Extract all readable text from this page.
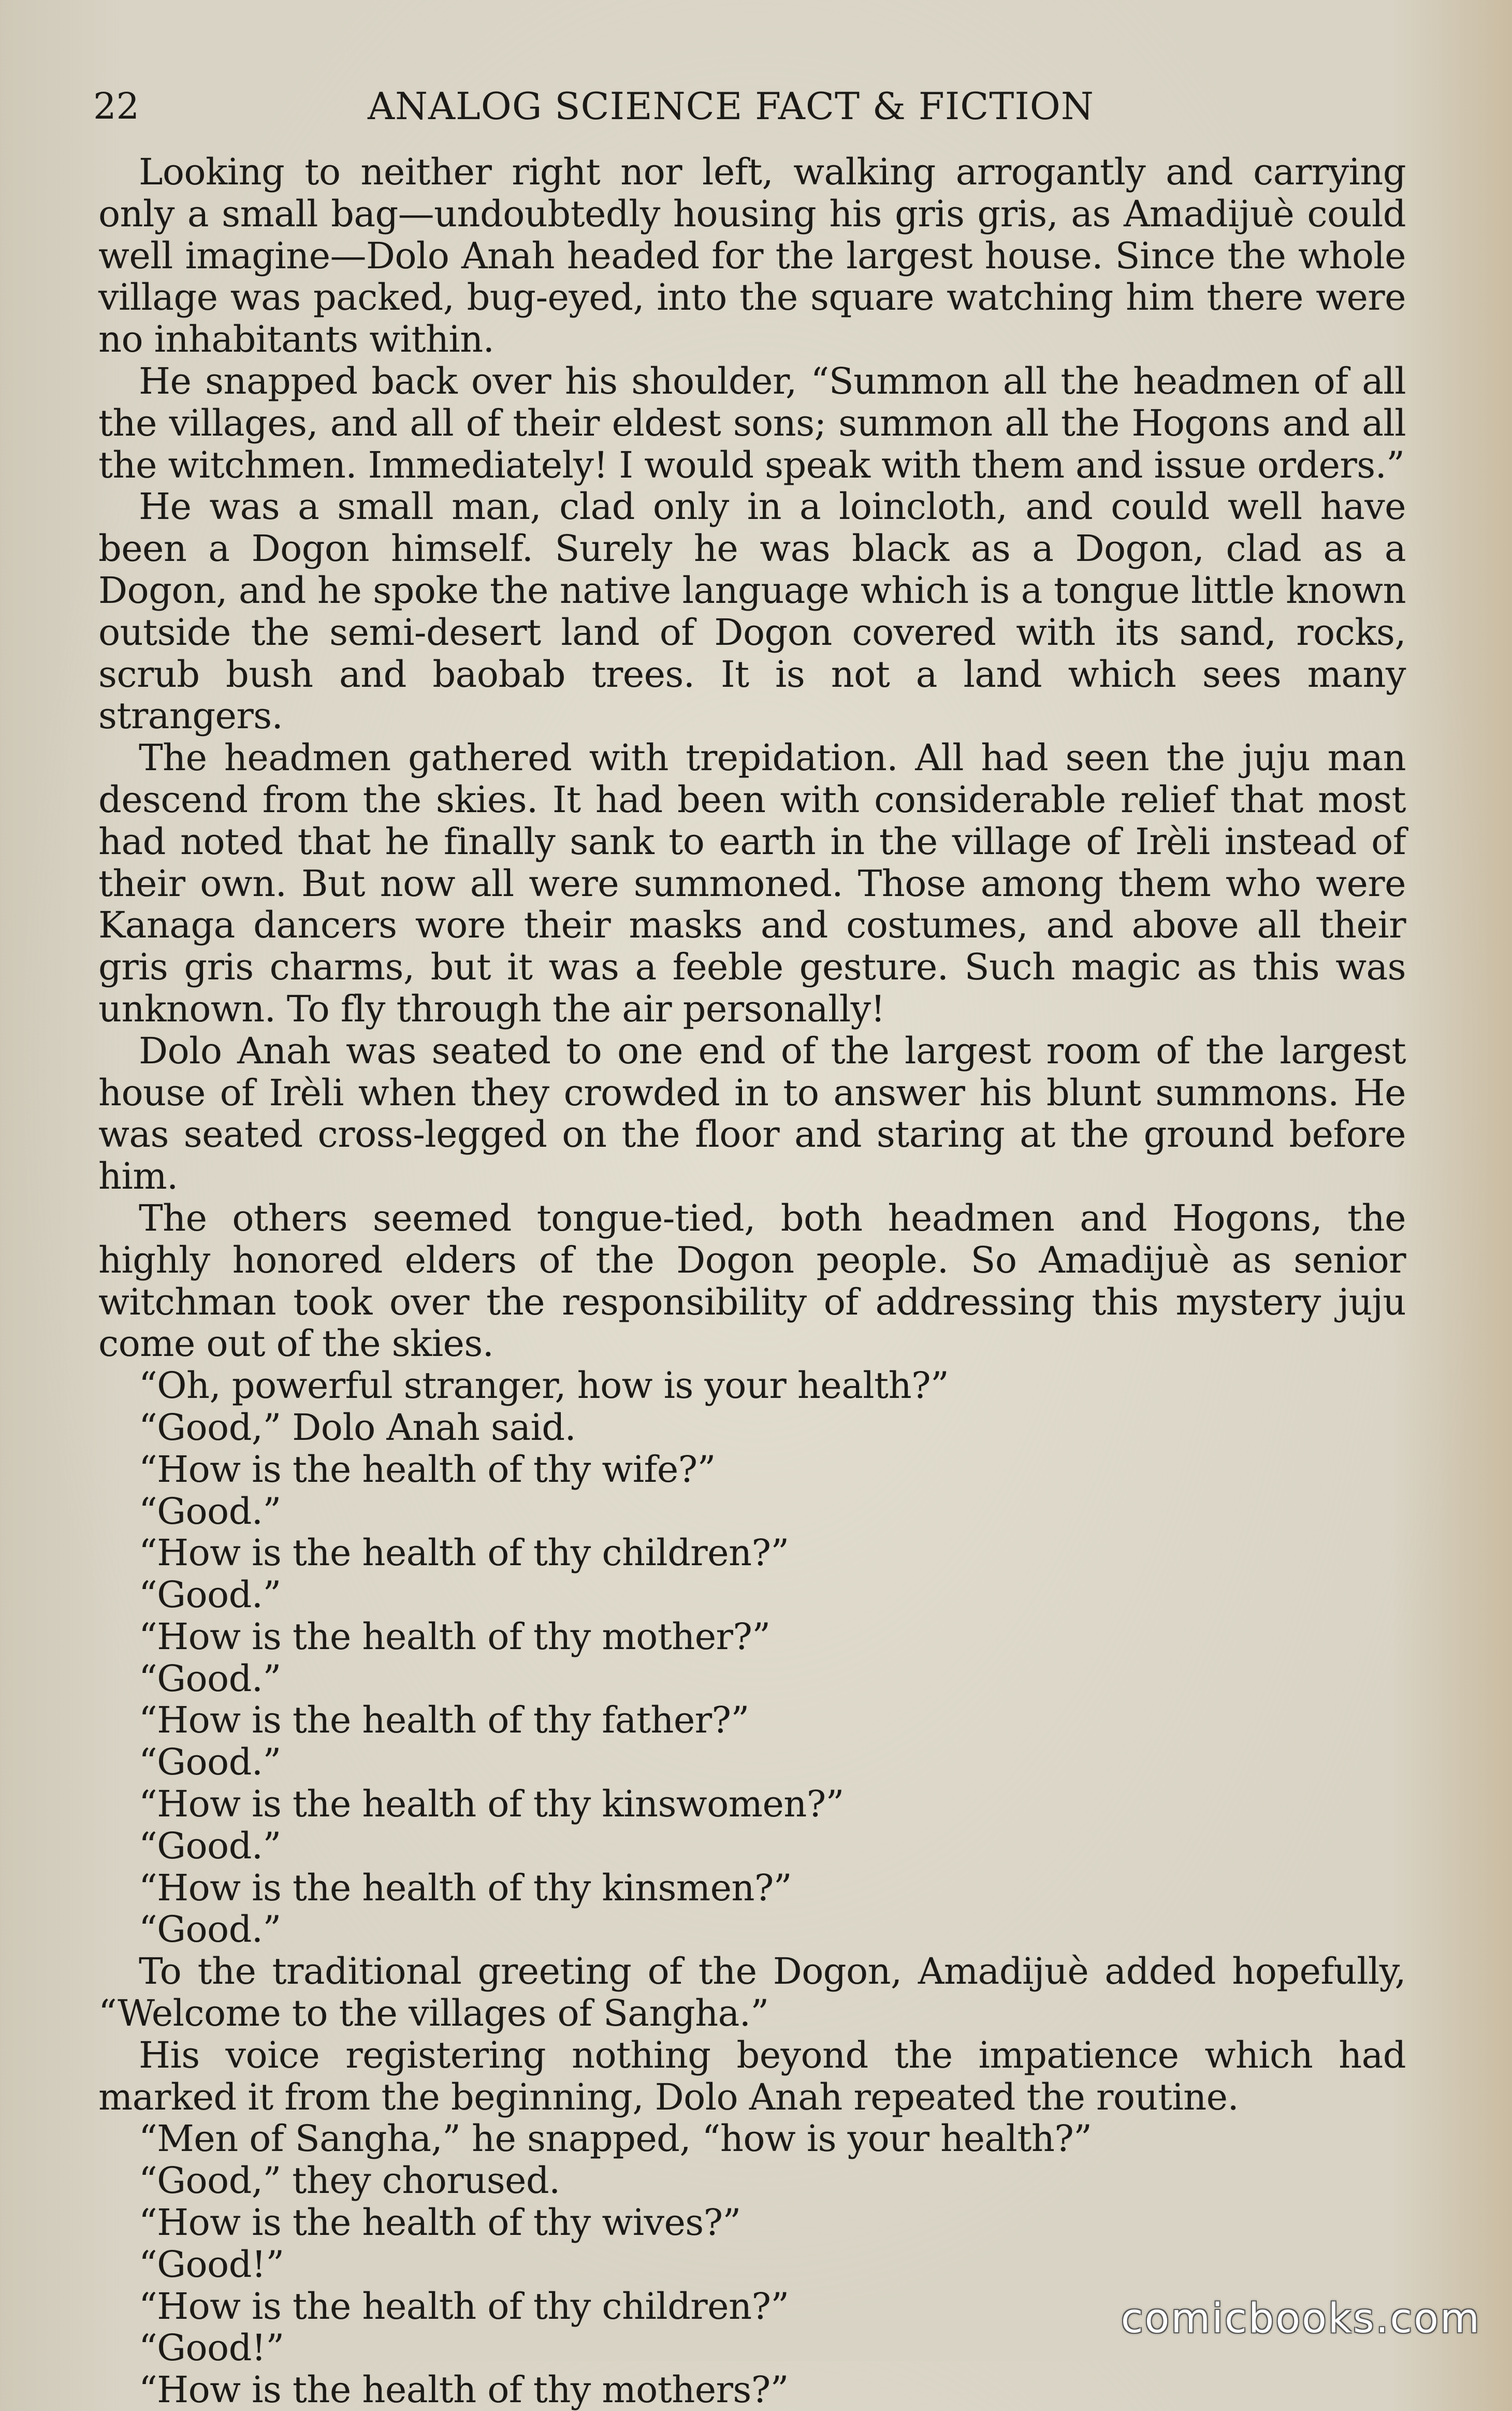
22	ANALOG SCIENCE FACT & FICTION

Looking to neither right nor left, walking arrogantly and carrying only a small bag—undoubtedly housing his gris gris, as Amadijuè could well imagine—Dolo Anah headed for the largest house. Since the whole village was packed, bug-eyed, into the square watching him there were no inhabitants within.

He snapped back over his shoulder, “Summon all the headmen of all the villages, and all of their eldest sons; summon all the Hogons and all the witchmen. Immediately! I would speak with them and issue orders.”

He was a small man, clad only in a loincloth, and could well have been a Dogon himself. Surely he was black as a Dogon, clad as a Dogon, and he spoke the native language which is a tongue little known outside the semi-desert land of Dogon covered with its sand, rocks, scrub bush and baobab trees. It is not a land which sees many strangers.

The headmen gathered with trepidation. All had seen the juju man descend from the skies. It had been with considerable relief that most had noted that he finally sank to earth in the village of Irèli instead of their own. But now all were summoned. Those among them who were Kanaga dancers wore their masks and costumes, and above all their gris gris charms, but it was a feeble gesture. Such magic as this was unknown. To fly through the air personally!

Dolo Anah was seated to one end of the largest room of the largest house of Irèli when they crowded in to answer his blunt summons. He was seated cross-legged on the floor and staring at the ground before him.

The others seemed tongue-tied, both headmen and Hogons, the highly honored elders of the Dogon people. So Amadijuè as senior witchman took over the responsibility of addressing this mystery juju come out of the skies.

“Oh, powerful stranger, how is your health?”

“Good,” Dolo Anah said.

“How is the health of thy wife?”

“Good.”

“How is the health of thy children?”

“Good.”

“How is the health of thy mother?”

“Good.”

“How is the health of thy father?”

“Good.”

“How is the health of thy kinswomen?”

“Good.”

“How is the health of thy kinsmen?”

“Good.”

To the traditional greeting of the Dogon, Amadijuè added hopefully, “Welcome to the villages of Sangha.”

His voice registering nothing beyond the impatience which had marked it from the beginning, Dolo Anah repeated the routine.

“Men of Sangha,” he snapped, “how is your health?”

“Good,” they chorused.

“How is the health of thy wives?”

“Good!”

“How is the health of thy children?”

“Good!”

“How is the health of thy mothers?”

comicbooks.com
